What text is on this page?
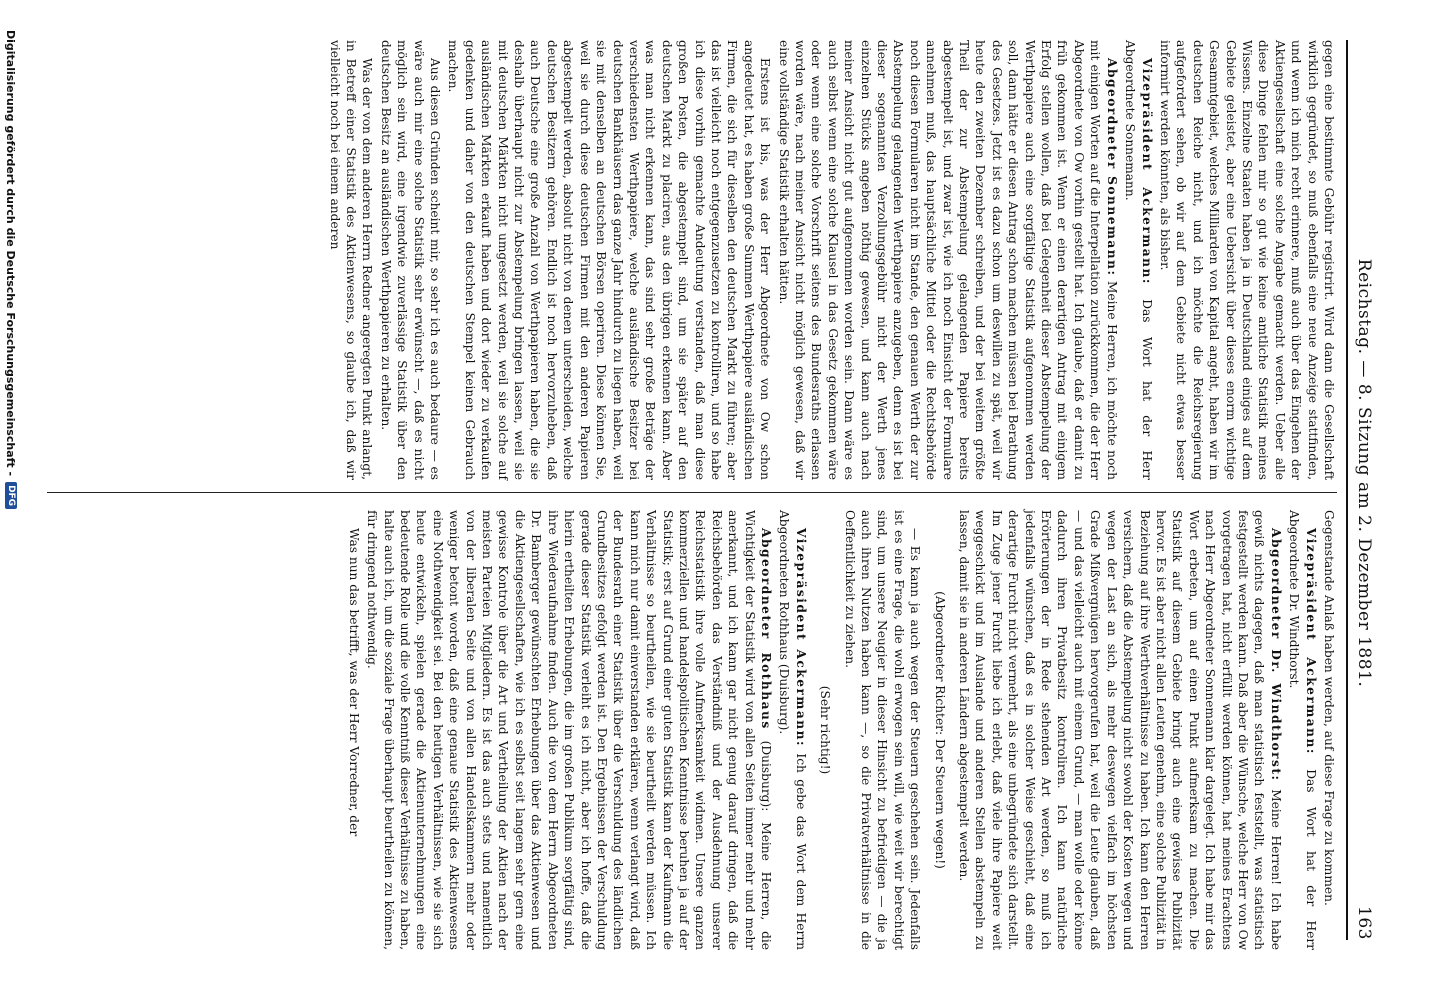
Reichstag. — 8. Sitzung am 2. Dezember 1881.
163

gegen eine bestimmte Gebühr registrirt. Wird dann die Gesellschaft wirklich gegründet, so muß ebenfalls eine neue Anzeige stattfinden, und wenn ich mich recht erinnere, muß auch über das Eingehen der Aktiengesellschaft eine solche Angabe gemacht werden. Ueber alle diese Dinge fehlen mir so gut wie keine amtliche Statistik meines Wissens. Einzelne Staaten haben ja in Deutschland einiges auf dem Gebiete geleistet, aber eine Uebersicht über dieses enorm wichtige Gesammtgebiet, welches Milliarden von Kapital angeht, haben wir im deutschen Reiche nicht, und ich möchte die Reichsregierung aufgefordert sehen, ob wir auf dem Gebiete nicht etwas besser informirt werden könnten, als bisher.

Vizepräsident Ackermann: Das Wort hat der Herr Abgeordnete Sonnemann.

Abgeordneter Sonnemann: Meine Herren, ich möchte noch mit einigen Worten auf die Interpellation zurückkommen, die der Herr Abgeordnete von Ow vorhin gestellt hat. Ich glaube, daß er damit zu früh gekommen ist. Wenn er einen derartigen Antrag mit einigem Erfolg stellen wollen, daß bei Gelegenheit dieser Abstempelung der Werthpapiere auch eine sorgfältige Statistik aufgenommen werden soll, dann hätte er diesen Antrag schon machen müssen bei Berathung des Gesetzes. Jetzt ist es dazu schon um deswillen zu spät, weil wir heute den zweiten Dezember schreiben, und der bei weitem größte Theil der zur Abstempelung gelangenden Papiere bereits abgestempelt ist, und zwar ist, wie ich noch Einsicht der Formulare annehmen muß, das hauptsächliche Mittel oder die Rechtsbehörde noch diesen Formularen nicht im Stande, den genauen Werth der zur Abstempelung gelangenden Werthpapiere anzugeben, denn es ist bei dieser sogenannten Verzollungsgebühr nicht der Werth jenes einzelnen Stücks angeben nöthig gewesen, und kann auch nach meiner Ansicht nicht gut aufgenommen worden sein. Dann wäre es auch selbst wenn eine solche Klausel in das Gesetz gekommen wäre oder wenn eine solche Vorschrift seitens des Bundesraths erlassen worden wäre, nach meiner Ansicht nicht möglich gewesen, daß wir eine vollständige Statistik erhalten hätten.

Erstens ist bis, was der Herr Abgeordnete von Ow schon angedeutet hat, es haben große Summen Werthpapiere ausländischen Firmen, die sich für dieselben den deutschen Markt zu führen; aber das ist vielleicht noch entgegenzusetzen zu kontrolliren, und so habe ich diese vorhin gemachte Andeutung verstanden, daß man diese großen Posten, die abgestempelt sind, um sie später auf den deutschen Markt zu placiren, aus den übrigen erkennen kann. Aber was man nicht erkennen kann, das sind sehr große Beträge der verschiedensten Werthpapiere, welche ausländische Besitzer bei deutschen Bankhäusern das ganze Jahr hindurch zu liegen haben, weil sie mit denselben an deutschen Börsen operiren. Diese können Sie, weil sie durch diese deutschen Firmen mit den anderen Papieren abgestempelt werden, absolut nicht von denen unterscheiden, welche deutschen Besitzern gehören. Endlich ist noch hervorzuheben, daß auch Deutsche eine große Anzahl von Werthpapieren haben, die sie deshalb überhaupt nicht zur Abstempelung bringen lassen, weil sie mit deutschen Märkten nicht umgesetzt werden, weil sie solche auf ausländischen Märkten erkauft haben und dort wieder zu verkaufen gedenken und daher von den deutschen Stempel keinen Gebrauch machen.

Aus diesen Gründen scheint mir, so sehr ich es auch bedaure — es wäre auch mir eine solche Statistik sehr erwünscht —, daß es nicht möglich sein wird, eine irgendwie zuverlässige Statistik über den deutschen Besitz an ausländischen Werthpapieren zu erhalten.

Was der von dem anderen Herrn Redner angeregten Punkt anlangt, in Betreff einer Statistik des Aktienwesens, so glaube ich, daß wir vielleicht noch bei einem anderen

Gegenstande Anlaß haben werden, auf diese Frage zu kommen.

Vizepräsident Ackermann: Das Wort hat der Herr Abgeordnete Dr. Windthorst.

Abgeordneter Dr. Windthorst: Meine Herren! Ich habe gewiß nichts dagegen, daß man statistisch feststellt, was statistisch festgestellt werden kann. Daß aber die Wünsche, welche Herr von Ow vorgetragen hat, nicht erfüllt werden können, hat meines Erachtens nach Herr Abgeordneter Sonnemann klar dargelegt. Ich habe mir das Wort erbeten, um auf einen Punkt aufmerksam zu machen. Die Statistik auf diesem Gebiete bringt auch eine gewisse Publizität hervor. Es ist aber nicht allen Leuten genehm, eine solche Publizität in Beziehung auf ihre Werthverhältnisse zu haben. Ich kann den Herren versichern, daß die Abstempelung nicht sowohl der Kosten wegen und wegen der Last an sich, als mehr deswegen vielfach im höchsten Grade Mißvergnügen hervorgerufen hat, weil die Leute glauben, daß — und das vielleicht auch mit einem Grund, — man wolle oder könne dadurch ihren Privatbesitz kontroliren. Ich kann natürliche Erörterungen der in Rede stehenden Art werden, so muß ich jedenfalls wünschen, daß es in solcher Weise geschieht, daß eine derartige Furcht nicht vermehrt, als eine unbegründete sich darstellt. Im Zuge jener Furcht liebe ich erlebt, daß viele ihre Papiere weit weggeschickt und im Auslande und anderen Stellen abstempeln zu lassen, damit sie in anderen Ländern abgestempelt werden.

(Abgeordneter Richter: Der Steuern wegen!)

— Es kann ja auch wegen der Steuern geschehen sein. Jedenfalls ist es eine Frage, die wohl erwogen sein will, wie weit wir berechtigt sind, um unsere Neugier in dieser Hinsicht zu befriedigen — die ja auch ihren Nutzen haben kann —, so die Privatverhältnisse in die Oeffentlichkeit zu ziehen.

(Sehr richtig!)

Vizepräsident Ackermann: Ich gebe das Wort dem Herrn Abgeordneten Rothhaus (Duisburg).

Abgeordneter Rothhaus (Duisburg): Meine Herren, die Wichtigkeit der Statistik wird von allen Seiten immer mehr und mehr anerkannt, und ich kann gar nicht genug darauf dringen, daß die Reichsbehörden das Verständniß und der Ausdehnung unserer Reichsstatistik ihre volle Aufmerksamkeit widmen. Unsere ganzen kommerziellen und handelspolitischen Kenntnisse beruhen ja auf der Statistik; erst auf Grund einer guten Statistik kann der Kaufmann die Verhältnisse so beurtheilen, wie sie beurtheilt werden müssen. Ich kann mich nur damit einverstanden erklären, wenn verlangt wird, daß der Bundesrath einer Statistik über die Verschuldung des ländlichen Grundbesitzes gefolgt werden ist. Den Ergebnissen der Verschuldung gerade dieser Statistik verleiht es ich nicht, aber ich hoffe, daß die hierin ertheilten Erhebungen, die im großen Publikum sorgfältig sind, ihre Wiederaufnahme finden. Auch die von dem Herrn Abgeordneten Dr. Bamberger gewünschten Erhebungen über das Aktienwesen und die Aktiengesellschaften, wie ich es selbst seit langem sehr gern eine gewisse Kontrole über die Art und Vertheilung der Aktien nach der meisten Parteien Mitgliedern. Es ist das auch stets und namentlich von der liberalen Seite und von allen Handelskammern mehr oder weniger betont worden, daß eine genaue Statistik des Aktienwesens eine Nothwendigkeit sei. Bei den heutigen Verhältnissen, wie sie sich heute entwickeln, spielen gerade die Aktienunternehmungen eine bedeutende Rolle und die volle Kenntniß dieser Verhältnisse zu haben, halte auch ich, um die soziale Frage überhaupt beurtheilen zu können, für dringend nothwendig.

Was nun das betrifft, was der Herr Vorredner, der

Digitalisierung gefördert durch die Deutsche Forschungsgemeinschaft -
DFG
